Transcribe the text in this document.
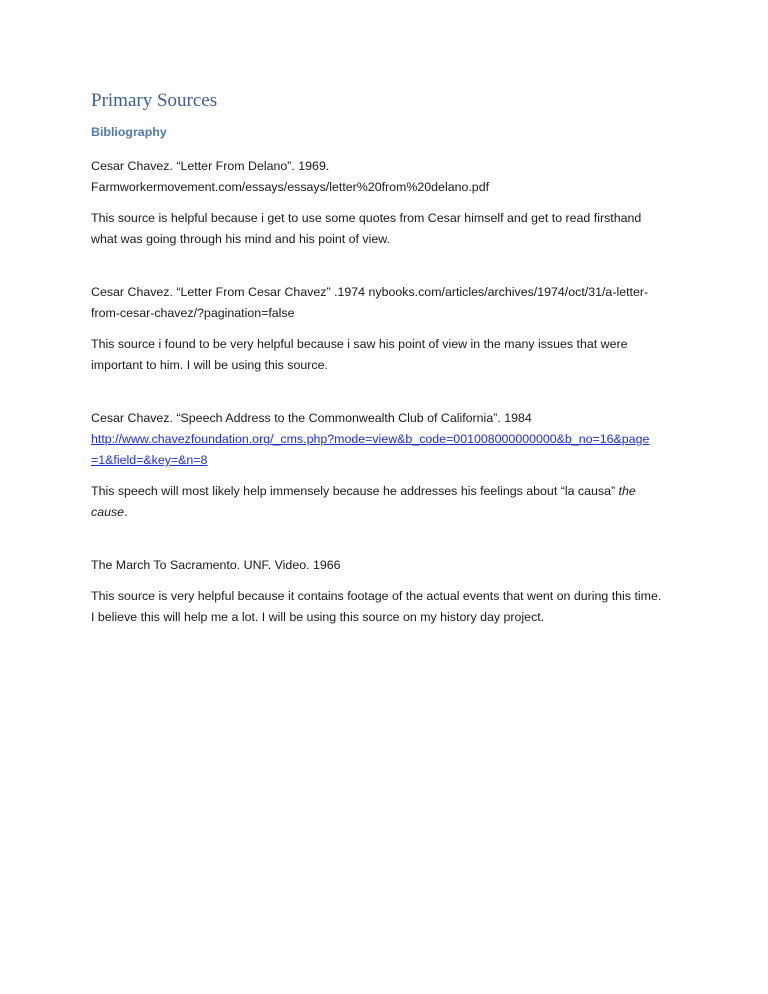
Primary Sources
Bibliography
Cesar Chavez. “Letter From Delano”. 1969.
Farmworkermovement.com/essays/essays/letter%20from%20delano.pdf
This source is helpful because i get to use some quotes from Cesar himself and get to read firsthand
what was going through his mind and his point of view.
Cesar Chavez. “Letter From Cesar Chavez” .1974 nybooks.com/articles/archives/1974/oct/31/a-letter-
from-cesar-chavez/?pagination=false
This source i found to be very helpful because i saw his point of view in the many issues that were
important to him. I will be using this source.
Cesar Chavez. “Speech Address to the Commonwealth Club of California”. 1984
http://www.chavezfoundation.org/_cms.php?mode=view&b_code=001008000000000&b_no=16&page
=1&field=&key=&n=8
This speech will most likely help immensely because he addresses his feelings about “la causa” the
cause.
The March To Sacramento. UNF. Video. 1966
This source is very helpful because it contains footage of the actual events that went on during this time.
I believe this will help me a lot. I will be using this source on my history day project.
